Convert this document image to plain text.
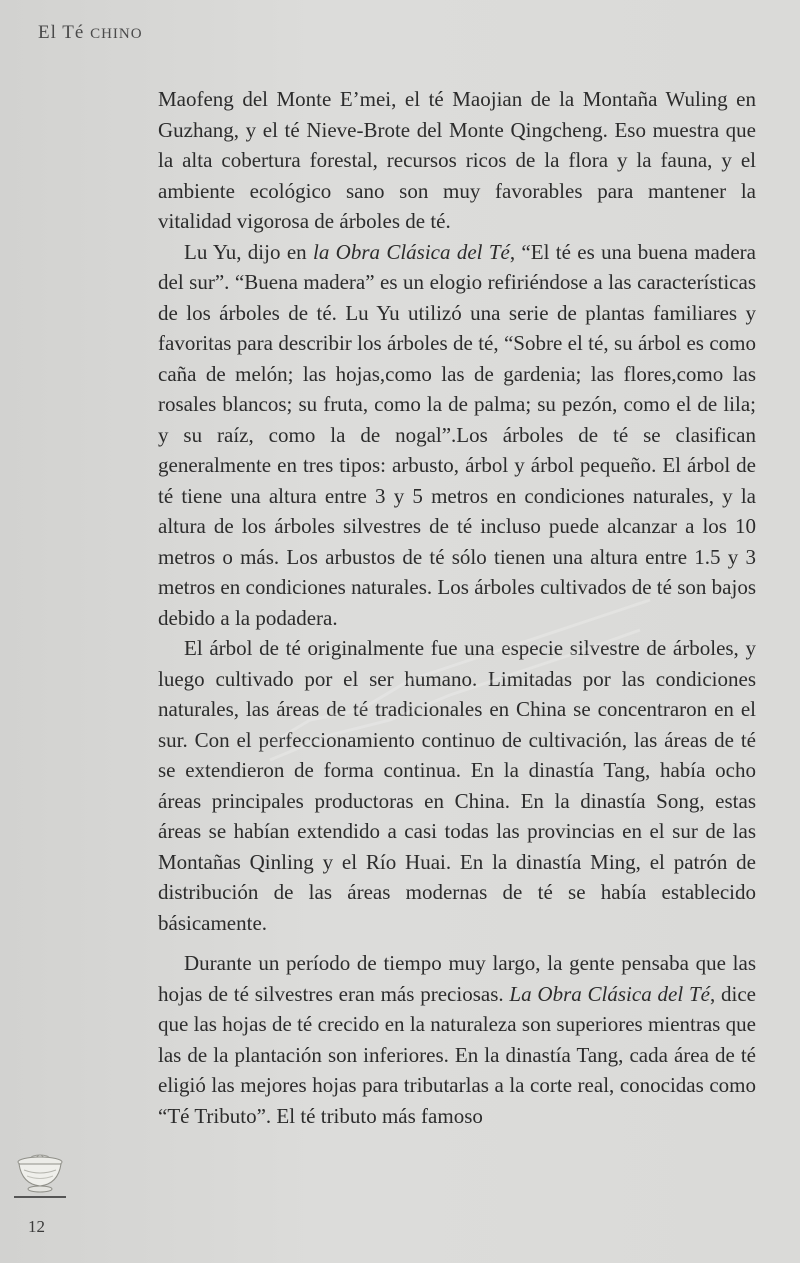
El Té CHINO

Maofeng del Monte E’mei, el té Maojian de la Montaña Wuling en Guzhang, y el té Nieve-Brote del Monte Qingcheng. Eso muestra que la alta cobertura forestal, recursos ricos de la flora y la fauna, y el ambiente ecológico sano son muy favorables para mantener la vitalidad vigorosa de árboles de té.

Lu Yu, dijo en la Obra Clásica del Té, “El té es una buena madera del sur”. “Buena madera” es un elogio refiriéndose a las características de los árboles de té. Lu Yu utilizó una serie de plantas familiares y favoritas para describir los árboles de té, “Sobre el té, su árbol es como caña de melón; las hojas,como las de gardenia; las flores,como las rosales blancos; su fruta, como la de palma; su pezón, como el de lila; y su raíz, como la de nogal”.Los árboles de té se clasifican generalmente en tres tipos: arbusto, árbol y árbol pequeño. El árbol de té tiene una altura entre 3 y 5 metros en condiciones naturales, y la altura de los árboles silvestres de té incluso puede alcanzar a los 10 metros o más. Los arbustos de té sólo tienen una altura entre 1.5 y 3 metros en condiciones naturales. Los árboles cultivados de té son bajos debido a la podadera.

El árbol de té originalmente fue una especie silvestre de árboles, y luego cultivado por el ser humano. Limitadas por las condiciones naturales, las áreas de té tradicionales en China se concentraron en el sur. Con el perfeccionamiento continuo de cultivación, las áreas de té se extendieron de forma continua. En la dinastía Tang, había ocho áreas principales productoras en China. En la dinastía Song, estas áreas se habían extendido a casi todas las provincias en el sur de las Montañas Qinling y el Río Huai. En la dinastía Ming, el patrón de distribución de las áreas modernas de té se había establecido básicamente.

Durante un período de tiempo muy largo, la gente pensaba que las hojas de té silvestres eran más preciosas. La Obra Clásica del Té, dice que las hojas de té crecido en la naturaleza son superiores mientras que las de la plantación son inferiores. En la dinastía Tang, cada área de té eligió las mejores hojas para tributarlas a la corte real, conocidas como “Té Tributo”. El té tributo más famoso

12
